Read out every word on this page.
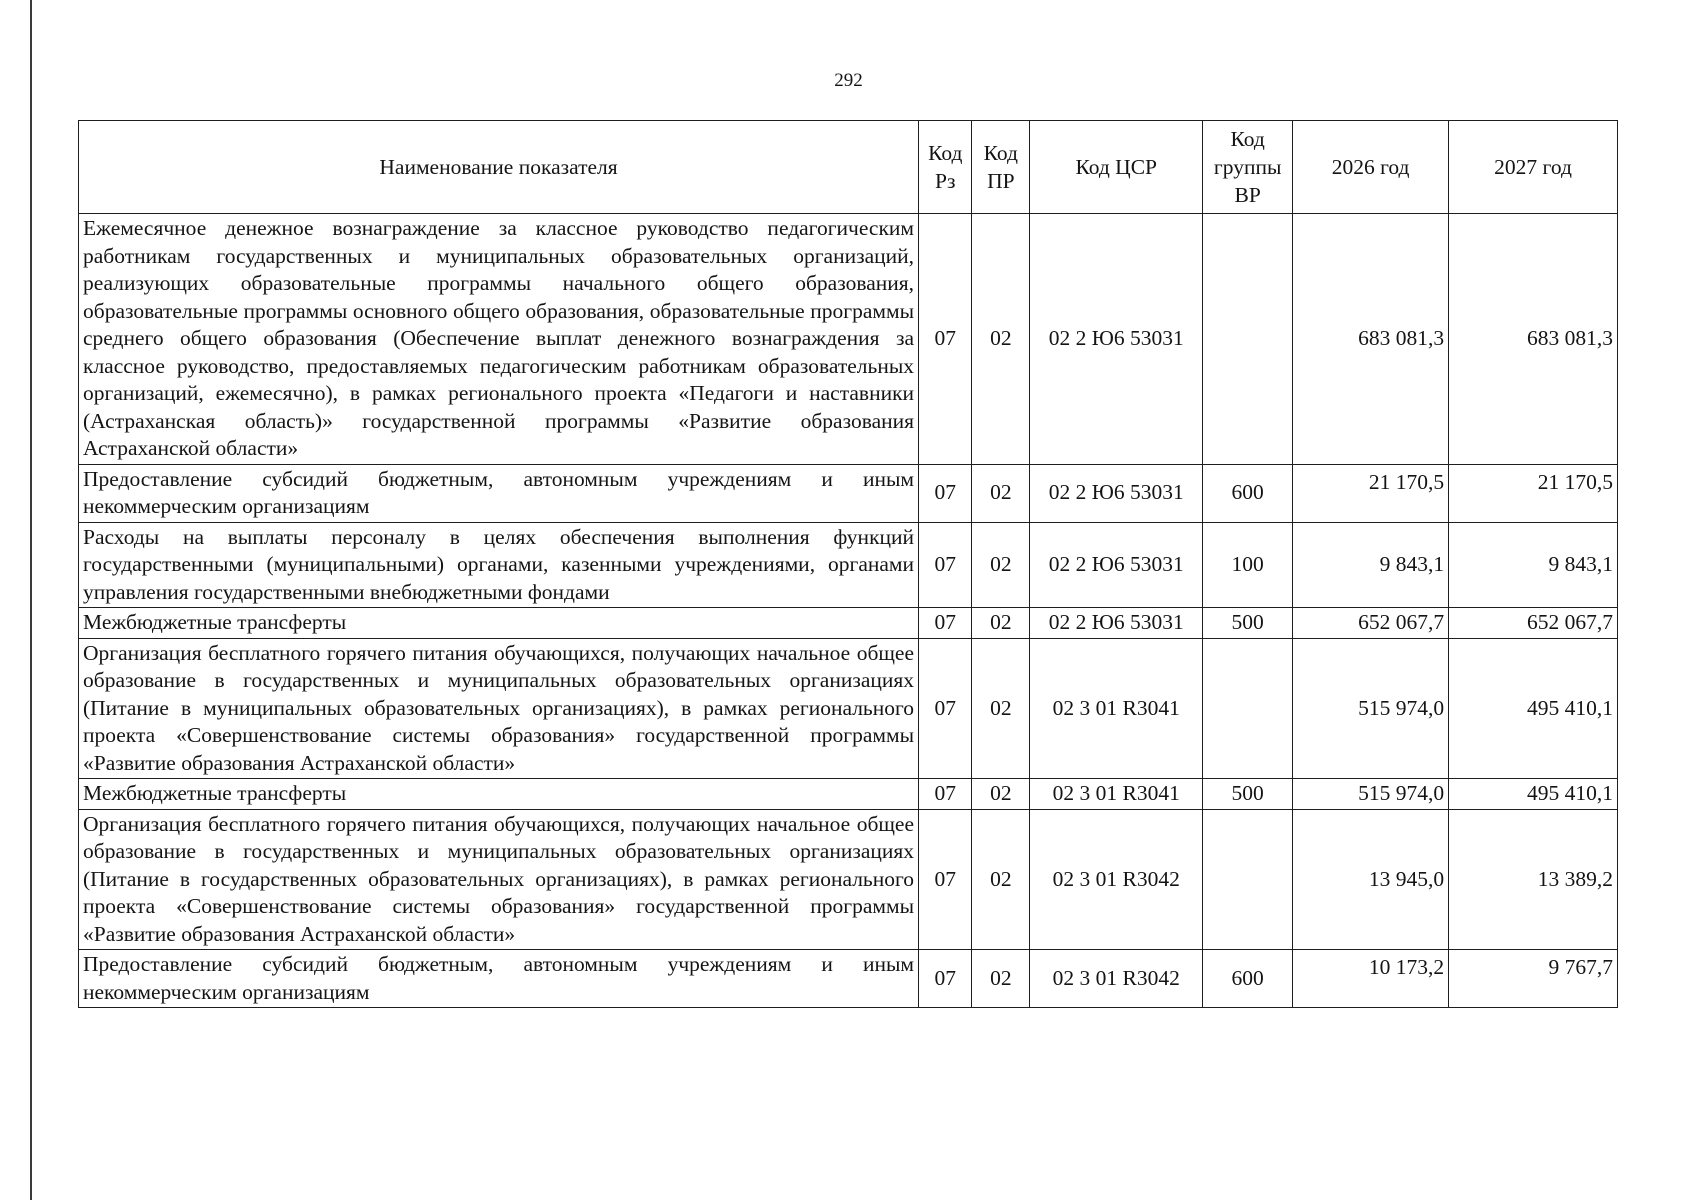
292
Наименование показателя	Код Рз	Код ПР	Код ЦСР	Код группы ВР	2026 год	2027 год
Ежемесячное денежное вознаграждение за классное руководство педагогическим работникам государственных и муниципальных образовательных организаций, реализующих образовательные программы начального общего образования, образовательные программы основного общего образования, образовательные программы среднего общего образования (Обеспечение выплат денежного вознаграждения за классное руководство, предоставляемых педагогическим работникам образовательных организаций, ежемесячно), в рамках регионального проекта «Педагоги и наставники (Астраханская область)» государственной программы «Развитие образования Астраханской области»	07	02	02 2 Ю6 53031		683 081,3	683 081,3
Предоставление субсидий бюджетным, автономным учреждениям и иным некоммерческим организациям	07	02	02 2 Ю6 53031	600	21 170,5	21 170,5
Расходы на выплаты персоналу в целях обеспечения выполнения функций государственными (муниципальными) органами, казенными учреждениями, органами управления государственными внебюджетными фондами	07	02	02 2 Ю6 53031	100	9 843,1	9 843,1
Межбюджетные трансферты	07	02	02 2 Ю6 53031	500	652 067,7	652 067,7
Организация бесплатного горячего питания обучающихся, получающих начальное общее образование в государственных и муниципальных образовательных организациях (Питание в муниципальных образовательных организациях), в рамках регионального проекта «Совершенствование системы образования» государственной программы «Развитие образования Астраханской области»	07	02	02 3 01 R3041		515 974,0	495 410,1
Межбюджетные трансферты	07	02	02 3 01 R3041	500	515 974,0	495 410,1
Организация бесплатного горячего питания обучающихся, получающих начальное общее образование в государственных и муниципальных образовательных организациях (Питание в государственных образовательных организациях), в рамках регионального проекта «Совершенствование системы образования» государственной программы «Развитие образования Астраханской области»	07	02	02 3 01 R3042		13 945,0	13 389,2
Предоставление субсидий бюджетным, автономным учреждениям и иным некоммерческим организациям	07	02	02 3 01 R3042	600	10 173,2	9 767,7
